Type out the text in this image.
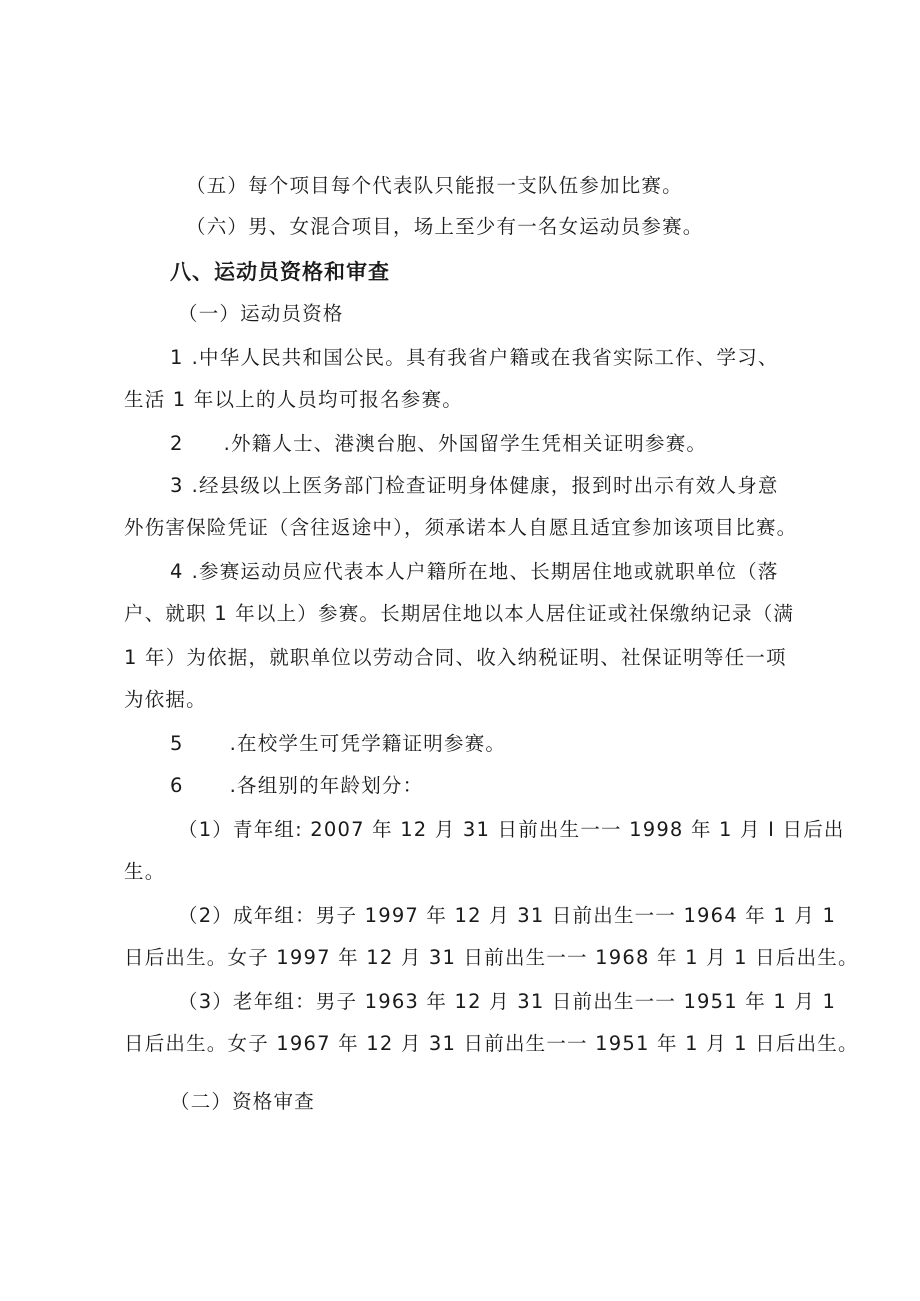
（五）每个项目每个代表队只能报一支队伍参加比赛。
（六）男、女混合项目，场上至少有一名女运动员参赛。
八、运动员资格和审查
（一）运动员资格
1 .中华人民共和国公民。具有我省户籍或在我省实际工作、学习、
生活 1 年以上的人员均可报名参赛。
2 .外籍人士、港澳台胞、外国留学生凭相关证明参赛。
3 .经县级以上医务部门检查证明身体健康，报到时出示有效人身意
外伤害保险凭证（含往返途中），须承诺本人自愿且适宜参加该项目比赛。
4 .参赛运动员应代表本人户籍所在地、长期居住地或就职单位（落
户、就职 1 年以上）参赛。长期居住地以本人居住证或社保缴纳记录（满
1 年）为依据，就职单位以劳动合同、收入纳税证明、社保证明等任一项
为依据。
5 .在校学生可凭学籍证明参赛。
6 .各组别的年龄划分：
（1）青年组: 2007 年 12 月 31 日前出生一一 1998 年 1 月 I 日后出
生。
（2）成年组：男子 1997 年 12 月 31 日前出生一一 1964 年 1 月 1
日后出生。女子 1997 年 12 月 31 日前出生一一 1968 年 1 月 1 日后出生。
（3）老年组：男子 1963 年 12 月 31 日前出生一一 1951 年 1 月 1
日后出生。女子 1967 年 12 月 31 日前出生一一 1951 年 1 月 1 日后出生。
（二）资格审查
